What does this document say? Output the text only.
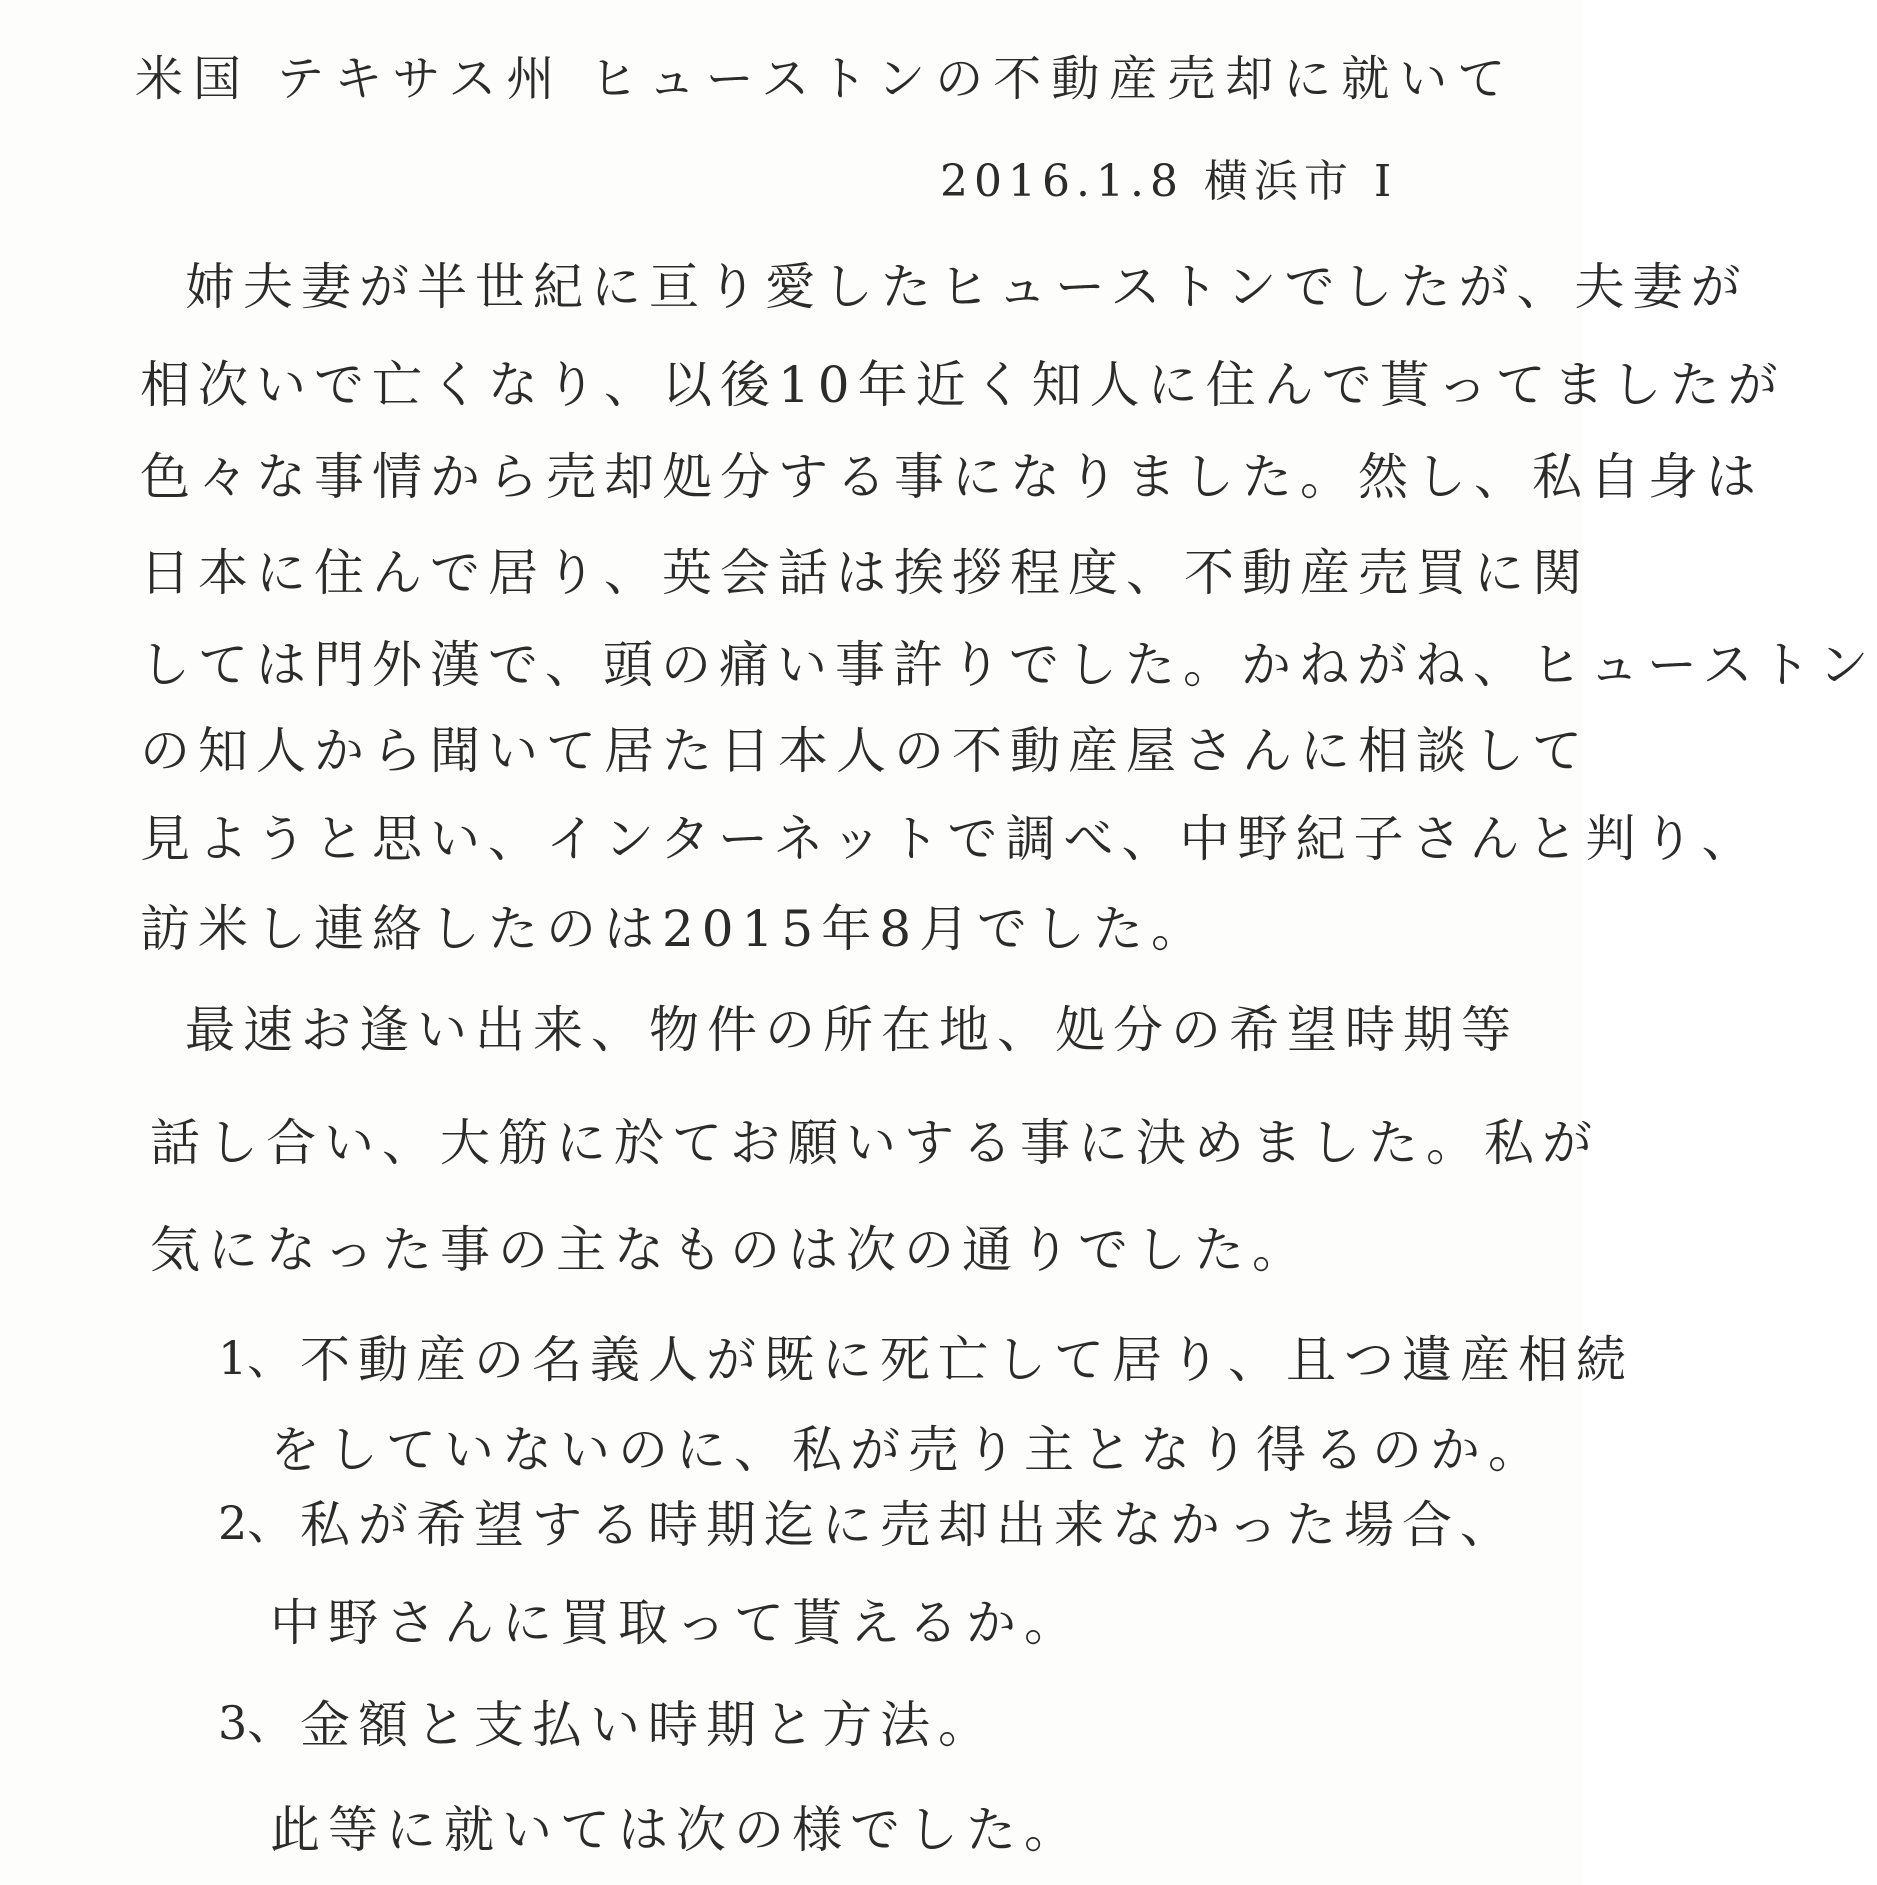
米国 テキサス州 ヒューストンの不動産売却に就いて
2016.1.8 横浜市 I
姉夫妻が半世紀に亘り愛したヒューストンでしたが、夫妻が
相次いで亡くなり、以後10年近く知人に住んで貰ってましたが
色々な事情から売却処分する事になりました。然し、私自身は
日本に住んで居り、英会話は挨拶程度、不動産売買に関
しては門外漢で、頭の痛い事許りでした。かねがね、ヒューストン
の知人から聞いて居た日本人の不動産屋さんに相談して
見ようと思い、インターネットで調べ、中野紀子さんと判り、
訪米し連絡したのは2015年8月でした。
最速お逢い出来、物件の所在地、処分の希望時期等
話し合い、大筋に於てお願いする事に決めました。私が
気になった事の主なものは次の通りでした。
1、 不動産の名義人が既に死亡して居り、且つ遺産相続
をしていないのに、私が売り主となり得るのか。
2、 私が希望する時期迄に売却出来なかった場合、
中野さんに買取って貰えるか。
3、 金額と支払い時期と方法。
此等に就いては次の様でした。
